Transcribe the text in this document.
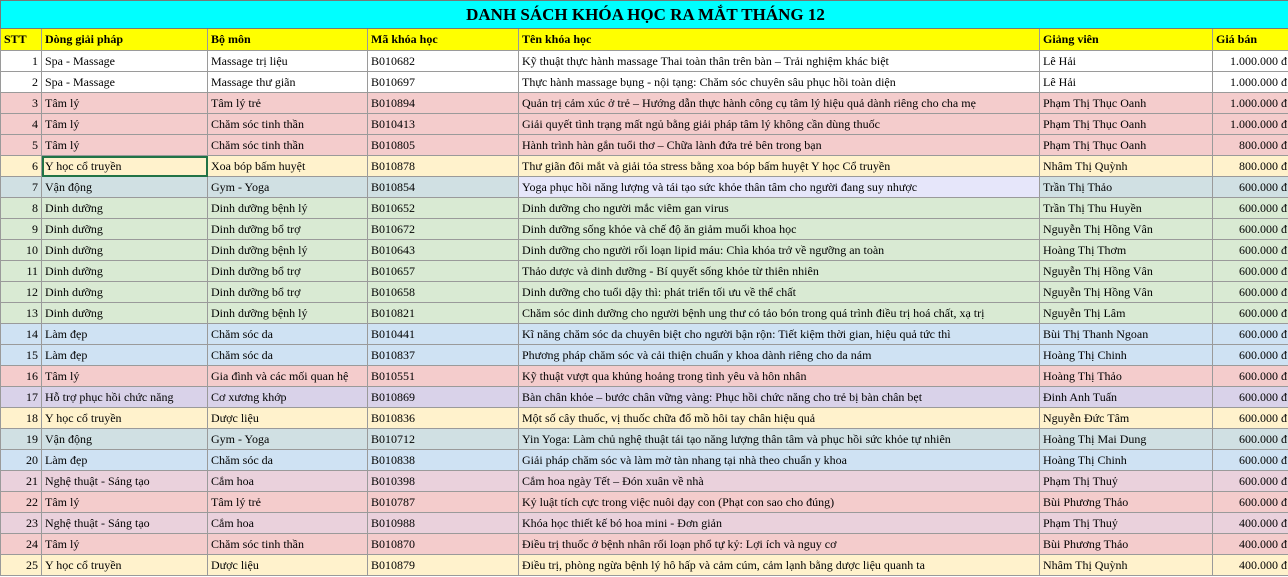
DANH SÁCH KHÓA HỌC RA MẮT THÁNG 12						
STT	Dòng giải pháp	Bộ môn	Mã khóa học	Tên khóa học	Giảng viên	Giá bán
1	Spa - Massage	Massage trị liệu	B010682	Kỹ thuật thực hành massage Thai toàn thân trên bàn – Trải nghiệm khác biệt	Lê Hải	1.000.000 đ
2	Spa - Massage	Massage thư giãn	B010697	Thực hành massage bụng - nội tạng: Chăm sóc chuyên sâu phục hồi toàn diện	Lê Hải	1.000.000 đ
3	Tâm lý	Tâm lý trẻ	B010894	Quản trị cảm xúc ở trẻ – Hướng dẫn thực hành công cụ tâm lý hiệu quả dành riêng cho cha mẹ	Phạm Thị Thục Oanh	1.000.000 đ
4	Tâm lý	Chăm sóc tinh thần	B010413	Giải quyết tình trạng mất ngủ bằng giải pháp tâm lý không cần dùng thuốc	Phạm Thị Thục Oanh	1.000.000 đ
5	Tâm lý	Chăm sóc tinh thần	B010805	Hành trình hàn gắn tuổi thơ – Chữa lành đứa trẻ bên trong bạn	Phạm Thị Thục Oanh	800.000 đ
6	Y học cổ truyền	Xoa bóp bấm huyệt	B010878	Thư giãn đôi mắt và giải tỏa stress bằng xoa bóp bấm huyệt Y học Cổ truyền	Nhâm Thị Quỳnh	800.000 đ
7	Vận động	Gym - Yoga	B010854	Yoga phục hồi năng lượng và tái tạo sức khỏe thân tâm cho người đang suy nhược	Trần Thị Thảo	600.000 đ
8	Dinh dưỡng	Dinh dưỡng bệnh lý	B010652	Dinh dưỡng cho người mắc viêm gan virus	Trần Thị Thu Huyền	600.000 đ
9	Dinh dưỡng	Dinh dưỡng bổ trợ	B010672	Dinh dưỡng sống khỏe và chế độ ăn giảm muối khoa học	Nguyễn Thị Hồng Vân	600.000 đ
10	Dinh dưỡng	Dinh dưỡng bệnh lý	B010643	Dinh dưỡng cho người rối loạn lipid máu: Chìa khóa trở về ngưỡng an toàn	Hoàng Thị Thơm	600.000 đ
11	Dinh dưỡng	Dinh dưỡng bổ trợ	B010657	Thảo dược và dinh dưỡng - Bí quyết sống khỏe từ thiên nhiên	Nguyễn Thị Hồng Vân	600.000 đ
12	Dinh dưỡng	Dinh dưỡng bổ trợ	B010658	Dinh dưỡng cho tuổi dậy thì: phát triển tối ưu về thể chất	Nguyễn Thị Hồng Vân	600.000 đ
13	Dinh dưỡng	Dinh dưỡng bệnh lý	B010821	Chăm sóc dinh dưỡng cho người bệnh ung thư có tảo bón trong quá trình điều trị hoá chất, xạ trị	Nguyễn Thị Lâm	600.000 đ
14	Làm đẹp	Chăm sóc da	B010441	Kĩ năng chăm sóc da chuyên biệt cho người bận rộn: Tiết kiệm thời gian, hiệu quả tức thì	Bùi Thị Thanh Ngoan	600.000 đ
15	Làm đẹp	Chăm sóc da	B010837	Phương pháp chăm sóc và cải thiện chuẩn y khoa dành riêng cho da nám	Hoàng Thị Chinh	600.000 đ
16	Tâm lý	Gia đình và các mối quan hệ	B010551	Kỹ thuật vượt qua khủng hoảng trong tình yêu và hôn nhân	Hoàng Thị Thảo	600.000 đ
17	Hỗ trợ phục hồi chức năng	Cơ xương khớp	B010869	Bàn chân khỏe – bước chân vững vàng: Phục hồi chức năng cho trẻ bị bàn chân bẹt	Đinh Anh Tuấn	600.000 đ
18	Y học cổ truyền	Dược liệu	B010836	Một số cây thuốc, vị thuốc chữa đổ mồ hôi tay chân hiệu quả	Nguyễn Đức Tâm	600.000 đ
19	Vận động	Gym - Yoga	B010712	Yin Yoga: Làm chủ nghệ thuật tái tạo năng lượng thân tâm và phục hồi sức khỏe tự nhiên	Hoàng Thị Mai Dung	600.000 đ
20	Làm đẹp	Chăm sóc da	B010838	Giải pháp chăm sóc và làm mờ tàn nhang tại nhà theo chuẩn y khoa	Hoàng Thị Chinh	600.000 đ
21	Nghệ thuật - Sáng tạo	Cắm hoa	B010398	Cắm hoa ngày Tết – Đón xuân về nhà	Phạm Thị Thuỷ	600.000 đ
22	Tâm lý	Tâm lý trẻ	B010787	Kỷ luật tích cực trong việc nuôi dạy con (Phạt con sao cho đúng)	Bùi Phương Thảo	600.000 đ
23	Nghệ thuật - Sáng tạo	Cắm hoa	B010988	Khóa học thiết kế bó hoa mini - Đơn giản	Phạm Thị Thuỷ	400.000 đ
24	Tâm lý	Chăm sóc tinh thần	B010870	Điều trị thuốc ở bệnh nhân rối loạn phổ tự kỷ: Lợi ích và nguy cơ	Bùi Phương Thảo	400.000 đ
25	Y học cổ truyền	Dược liệu	B010879	Điều trị, phòng ngừa bệnh lý hô hấp và cảm cúm, cảm lạnh bằng dược liệu quanh ta	Nhâm Thị Quỳnh	400.000 đ
